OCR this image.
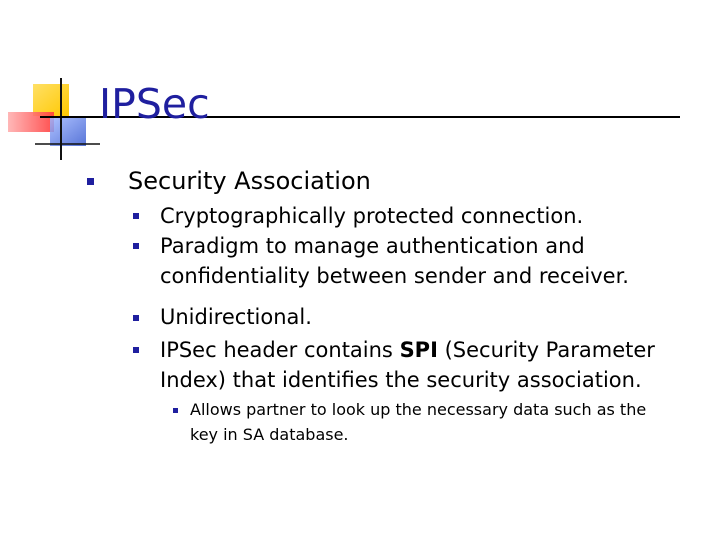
IPSec
Security Association
Cryptographically protected connection.
Paradigm to manage authentication and
confidentiality between sender and receiver.
Unidirectional.
IPSec header contains SPI (Security Parameter
Index) that identifies the security association.
Allows partner to look up the necessary data such as the
key in SA database.
